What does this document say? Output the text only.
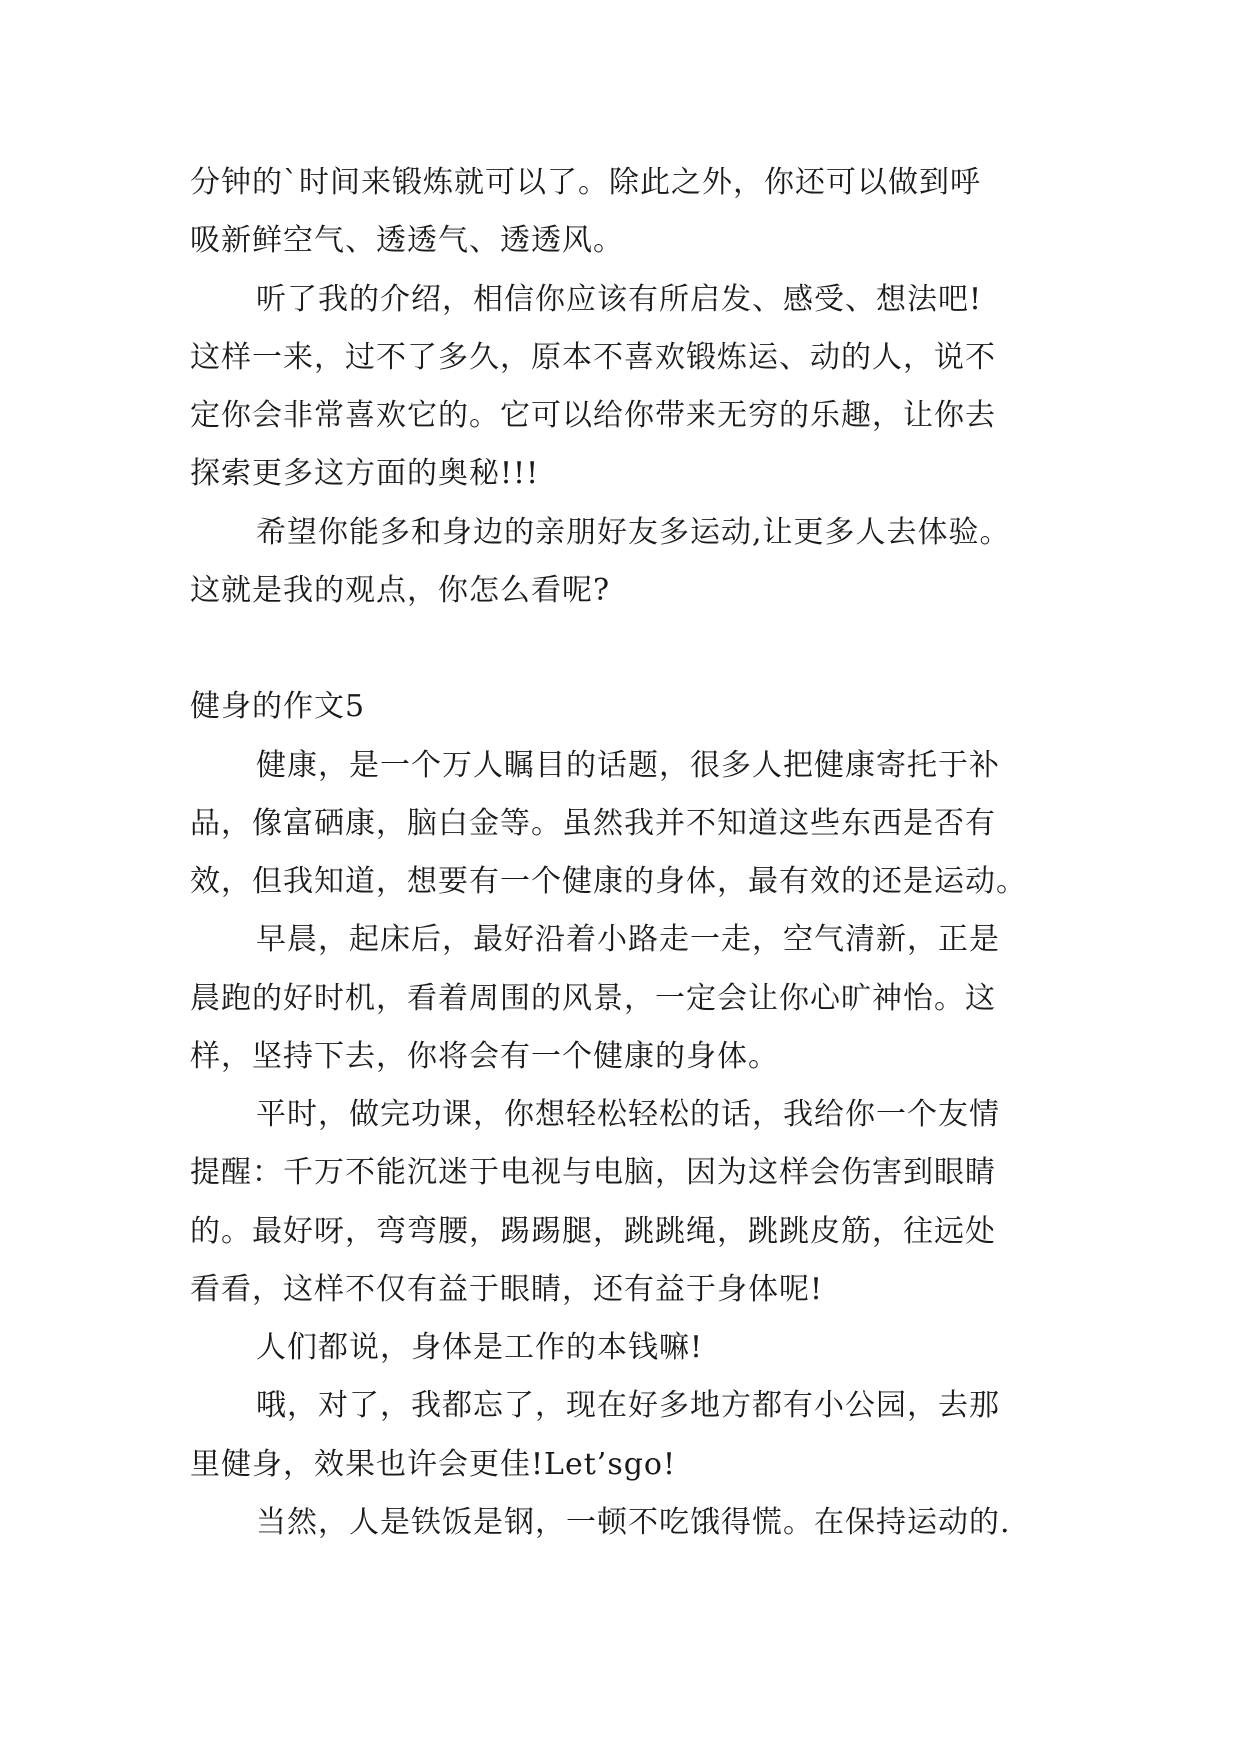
分钟的`时间来锻炼就可以了。除此之外，你还可以做到呼
吸新鲜空气、透透气、透透风。
听了我的介绍，相信你应该有所启发、感受、想法吧!
这样一来，过不了多久，原本不喜欢锻炼运、动的人，说不
定你会非常喜欢它的。它可以给你带来无穷的乐趣，让你去
探索更多这方面的奥秘!!!
希望你能多和身边的亲朋好友多运动,让更多人去体验。
这就是我的观点，你怎么看呢?
健身的作文5
健康，是一个万人瞩目的话题，很多人把健康寄托于补
品，像富硒康，脑白金等。虽然我并不知道这些东西是否有
效，但我知道，想要有一个健康的身体，最有效的还是运动。
早晨，起床后，最好沿着小路走一走，空气清新，正是
晨跑的好时机，看着周围的风景，一定会让你心旷神怡。这
样，坚持下去，你将会有一个健康的身体。
平时，做完功课，你想轻松轻松的话，我给你一个友情
提醒：千万不能沉迷于电视与电脑，因为这样会伤害到眼睛
的。最好呀，弯弯腰，踢踢腿，跳跳绳，跳跳皮筋，往远处
看看，这样不仅有益于眼睛，还有益于身体呢!
人们都说，身体是工作的本钱嘛!
哦，对了，我都忘了，现在好多地方都有小公园，去那
里健身，效果也许会更佳!Let’sgo!
当然，人是铁饭是钢，一顿不吃饿得慌。在保持运动的.
